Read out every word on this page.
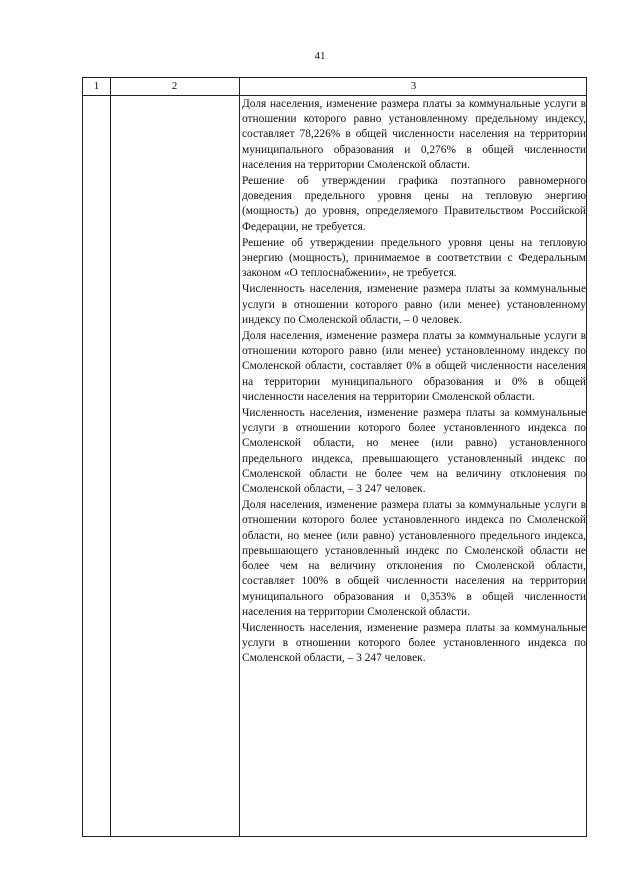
41
1	2	3

Доля населения, изменение размера платы за коммунальные услуги в отношении которого равно установленному предельному индексу, составляет 78,226% в общей численности населения на территории муниципального образования и 0,276% в общей численности населения на территории Смоленской области.

Решение об утверждении графика поэтапного равномерного доведения предельного уровня цены на тепловую энергию (мощность) до уровня, определяемого Правительством Российской Федерации, не требуется.

Решение об утверждении предельного уровня цены на тепловую энергию (мощность), принимаемое в соответствии с Федеральным законом «О теплоснабжении», не требуется.

Численность населения, изменение размера платы за коммунальные услуги в отношении которого равно (или менее) установленному индексу по Смоленской области, – 0 человек.

Доля населения, изменение размера платы за коммунальные услуги в отношении которого равно (или менее) установленному индексу по Смоленской области, составляет 0% в общей численности населения на территории муниципального образования и 0% в общей численности населения на территории Смоленской области.

Численность населения, изменение размера платы за коммунальные услуги в отношении которого более установленного индекса по Смоленской области, но менее (или равно) установленного предельного индекса, превышающего установленный индекс по Смоленской области не более чем на величину отклонения по Смоленской области, – 3 247 человек.

Доля населения, изменение размера платы за коммунальные услуги в отношении которого более установленного индекса по Смоленской области, но менее (или равно) установленного предельного индекса, превышающего установленный индекс по Смоленской области не более чем на величину отклонения по Смоленской области, составляет 100% в общей численности населения на территории муниципального образования и 0,353% в общей численности населения на территории Смоленской области.

Численность населения, изменение размера платы за коммунальные услуги в отношении которого более установленного индекса по Смоленской области, – 3 247 человек.
